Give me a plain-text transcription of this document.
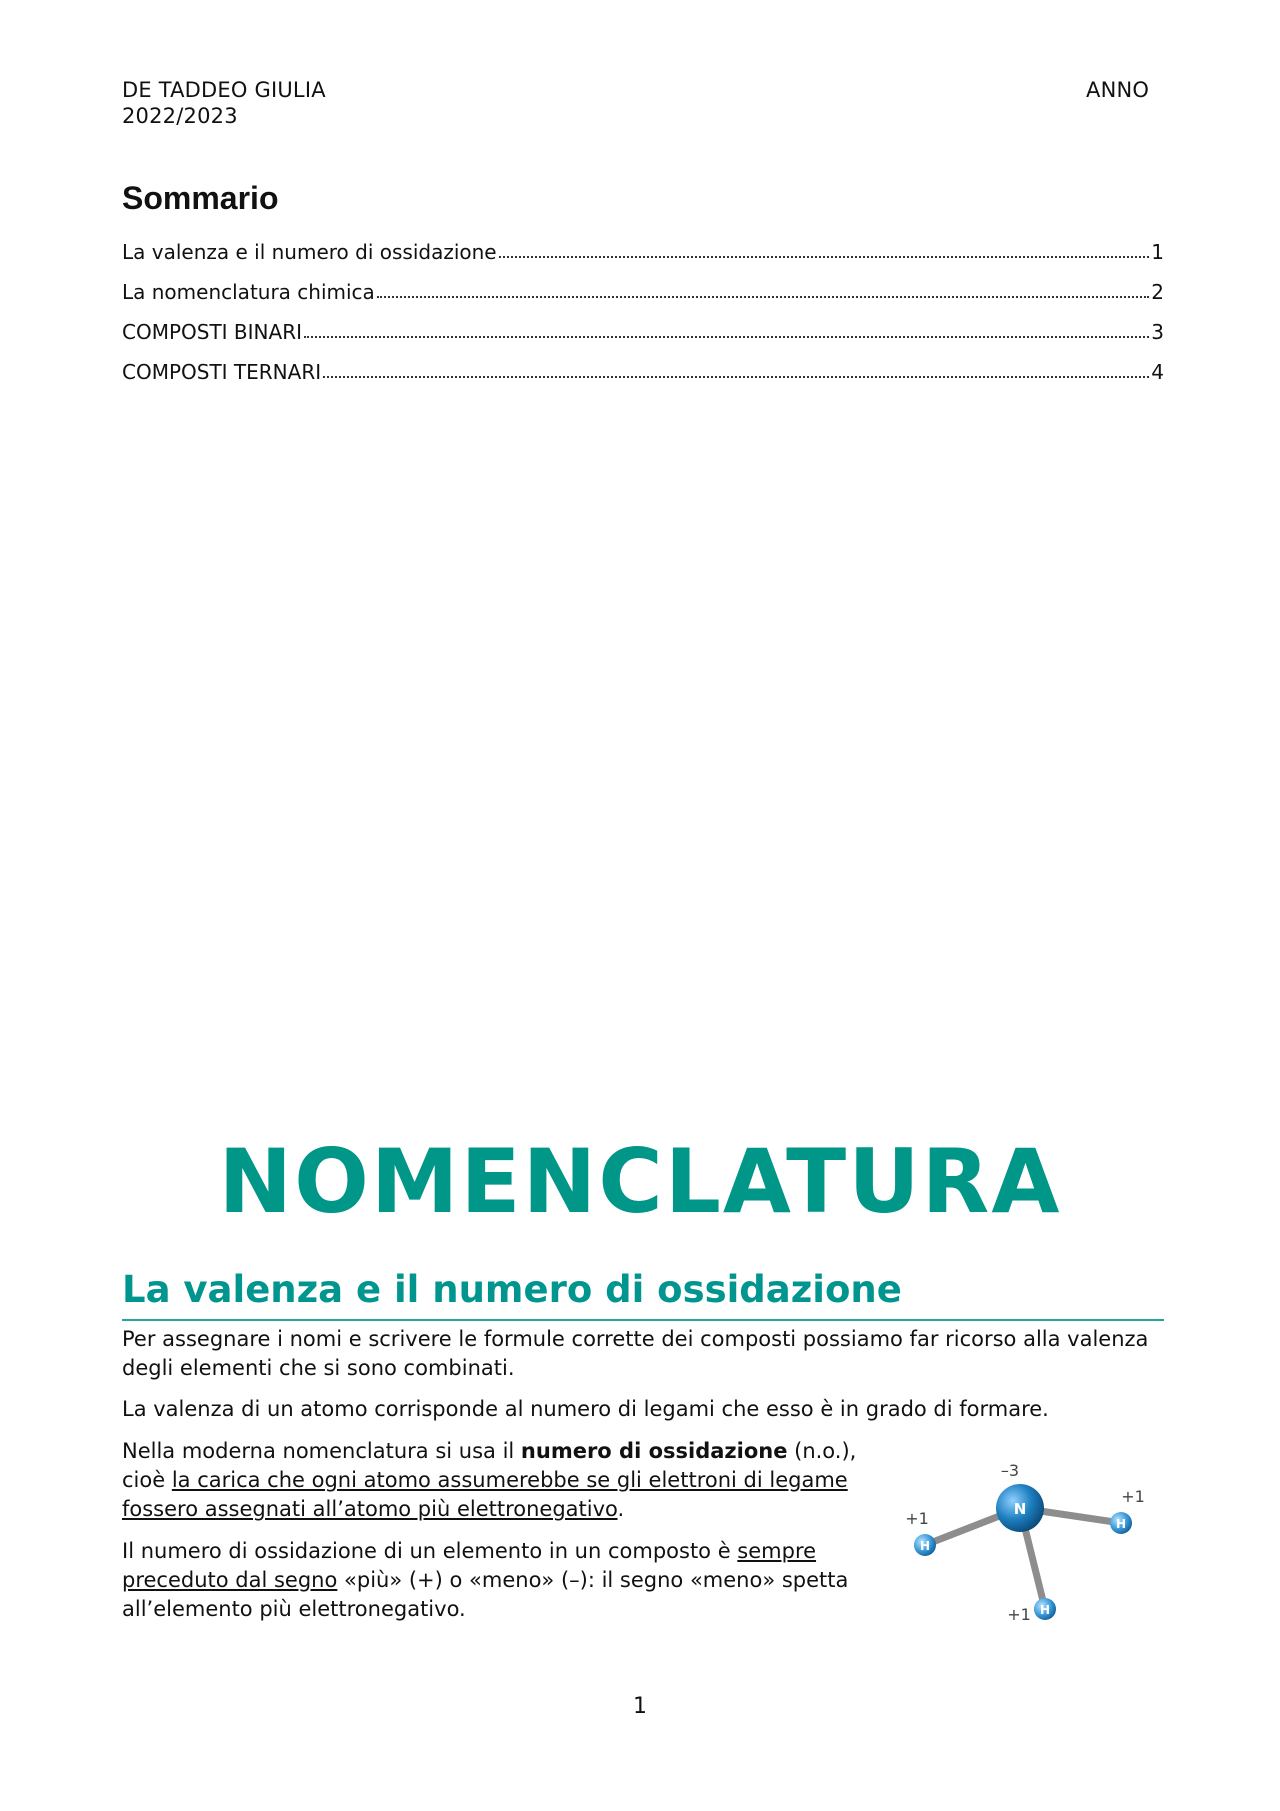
DE TADDEO GIULIA
2022/2023
ANNO
Sommario
La valenza e il numero di ossidazione	1
La nomenclatura chimica	2
COMPOSTI BINARI	3
COMPOSTI TERNARI	4
NOMENCLATURA
La valenza e il numero di ossidazione
Per assegnare i nomi e scrivere le formule corrette dei composti possiamo far ricorso alla valenza degli elementi che si sono combinati.
La valenza di un atomo corrisponde al numero di legami che esso è in grado di formare.
Nella moderna nomenclatura si usa il numero di ossidazione (n.o.), cioè la carica che ogni atomo assumerebbe se gli elettroni di legame fossero assegnati all’atomo più elettronegativo.
Il numero di ossidazione di un elemento in un composto è sempre preceduto dal segno «più» (+) o «meno» (–): il segno «meno» spetta all’elemento più elettronegativo.
H
H
H
N
–3
+1
+1
+1
1
